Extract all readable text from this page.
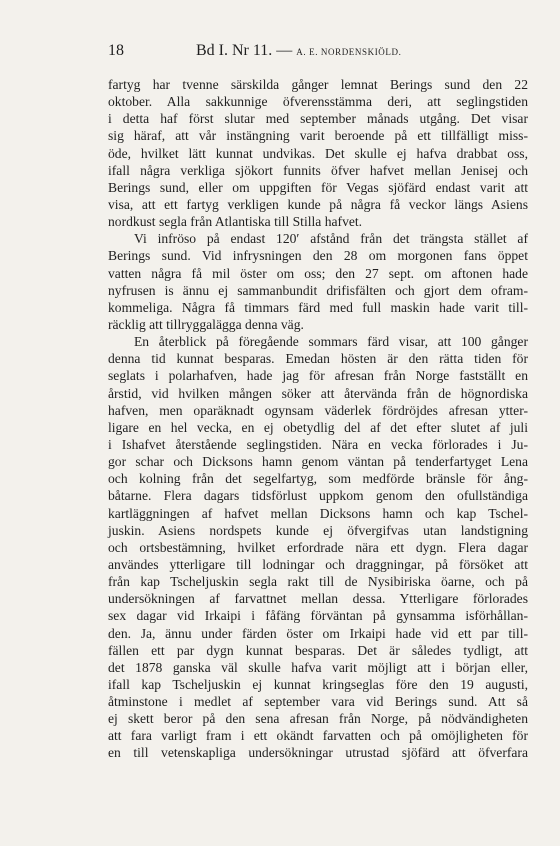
18	Bd I. Nr 11. — A. E. NORDENSKIÖLD.
fartyg har tvenne särskilda gånger lemnat Berings sund den 22
oktober. Alla sakkunnige öfverensstämma deri, att seglingstiden
i detta haf först slutar med september månads utgång. Det visar
sig häraf, att vår instängning varit beroende på ett tillfälligt miss-
öde, hvilket lätt kunnat undvikas. Det skulle ej hafva drabbat oss,
ifall några verkliga sjökort funnits öfver hafvet mellan Jenisej och
Berings sund, eller om uppgiften för Vegas sjöfärd endast varit att
visa, att ett fartyg verkligen kunde på några få veckor längs Asiens
nordkust segla från Atlantiska till Stilla hafvet.
Vi infröso på endast 120′ afstånd från det trängsta stället af
Berings sund. Vid infrysningen den 28 om morgonen fans öppet
vatten några få mil öster om oss; den 27 sept. om aftonen hade
nyfrusen is ännu ej sammanbundit drifisfälten och gjort dem ofram-
kommeliga. Några få timmars färd med full maskin hade varit till-
räcklig att tillryggalägga denna väg.
En återblick på föregående sommars färd visar, att 100 gånger
denna tid kunnat besparas. Emedan hösten är den rätta tiden för
seglats i polarhafven, hade jag för afresan från Norge fastställt en
årstid, vid hvilken mången söker att återvända från de högnordiska
hafven, men oparäknadt ogynsam väderlek fördröjdes afresan ytter-
ligare en hel vecka, en ej obetydlig del af det efter slutet af juli
i Ishafvet återstående seglingstiden. Nära en vecka förlorades i Ju-
gor schar och Dicksons hamn genom väntan på tenderfartyget Lena
och kolning från det segelfartyg, som medförde bränsle för ång-
båtarne. Flera dagars tidsförlust uppkom genom den ofullständiga
kartläggningen af hafvet mellan Dicksons hamn och kap Tschel-
juskin. Asiens nordspets kunde ej öfvergifvas utan landstigning
och ortsbestämning, hvilket erfordrade nära ett dygn. Flera dagar
användes ytterligare till lodningar och draggningar, på försöket att
från kap Tscheljuskin segla rakt till de Nysibiriska öarne, och på
undersökningen af farvattnet mellan dessa. Ytterligare förlorades
sex dagar vid Irkaipi i fåfäng förväntan på gynsamma isförhållan-
den. Ja, ännu under färden öster om Irkaipi hade vid ett par till-
fällen ett par dygn kunnat besparas. Det är således tydligt, att
det 1878 ganska väl skulle hafva varit möjligt att i början eller,
ifall kap Tscheljuskin ej kunnat kringseglas före den 19 augusti,
åtminstone i medlet af september vara vid Berings sund. Att så
ej skett beror på den sena afresan från Norge, på nödvändigheten
att fara varligt fram i ett okändt farvatten och på omöjligheten för
en till vetenskapliga undersökningar utrustad sjöfärd att öfverfara
